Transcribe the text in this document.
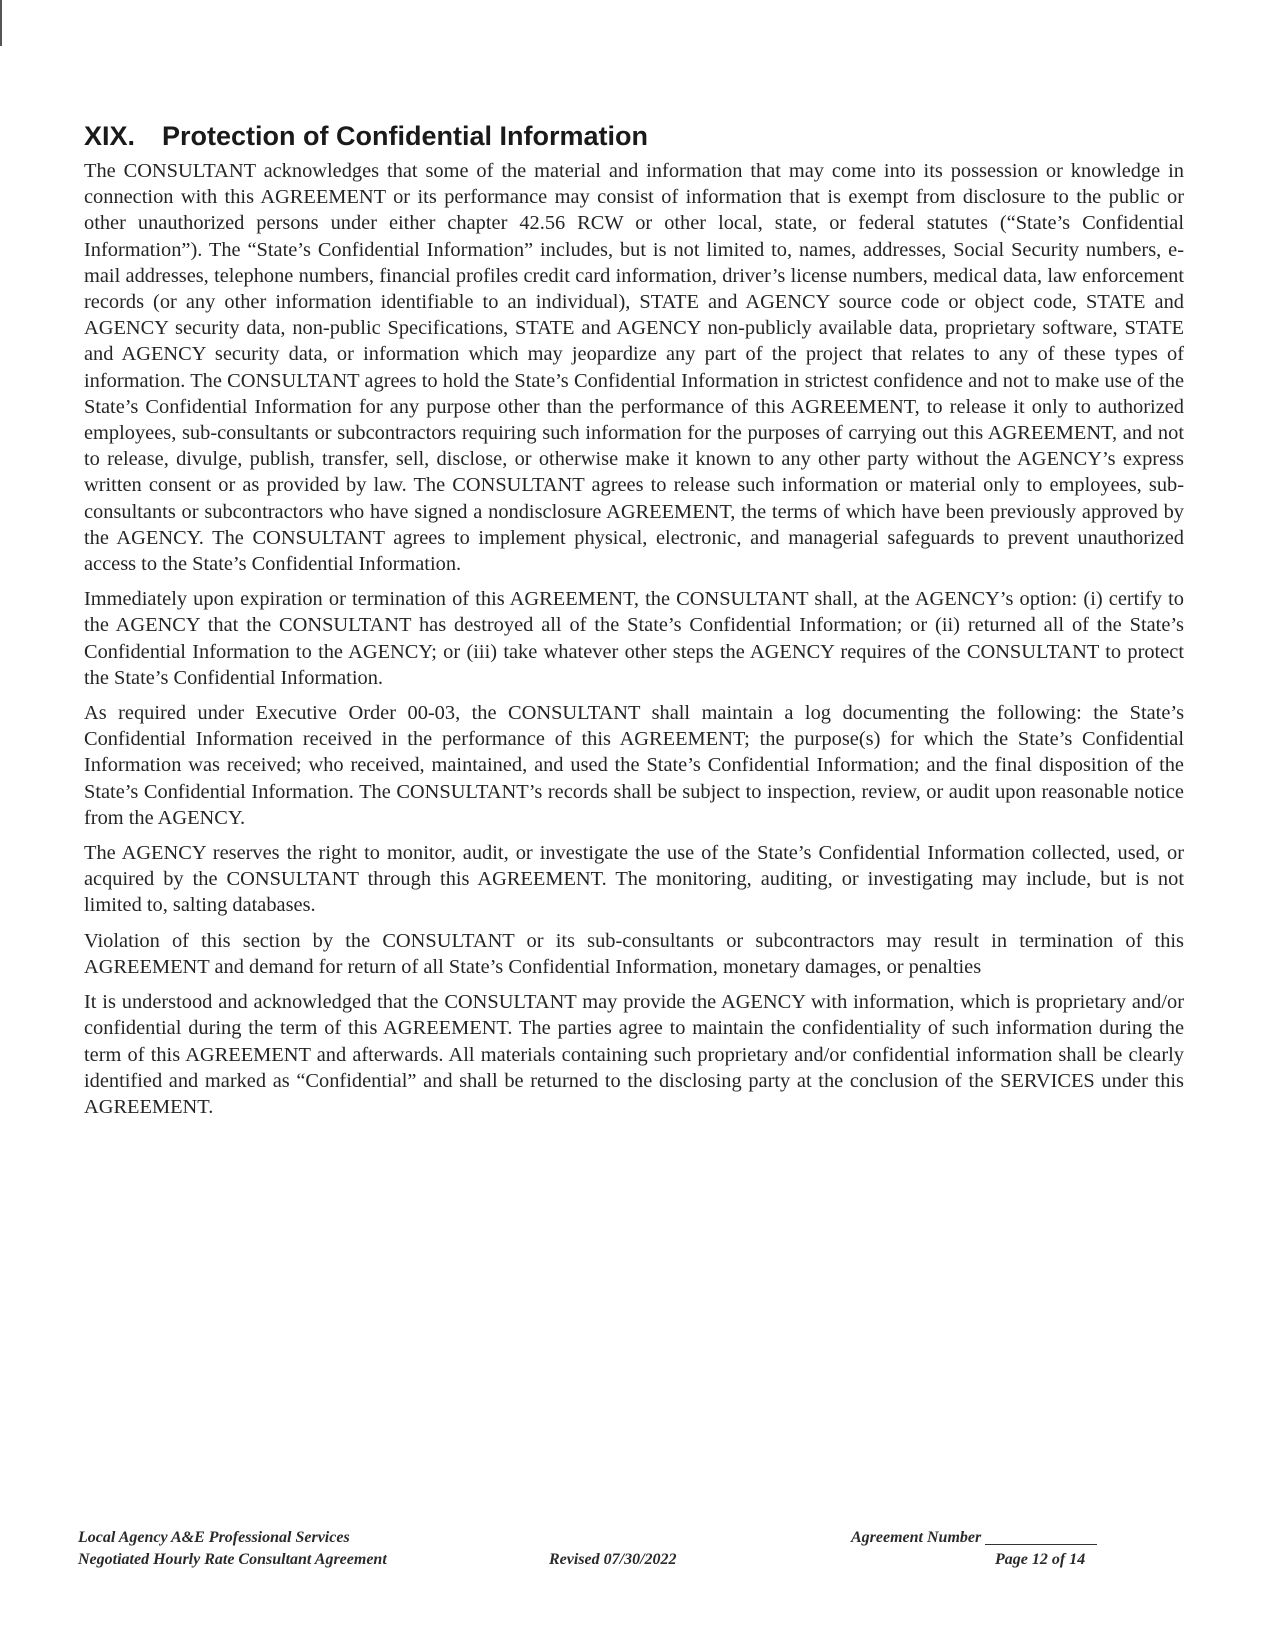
XIX. Protection of Confidential Information

The CONSULTANT acknowledges that some of the material and information that may come into its possession or knowledge in connection with this AGREEMENT or its performance may consist of information that is exempt from disclosure to the public or other unauthorized persons under either chapter 42.56 RCW or other local, state, or federal statutes (“State’s Confidential Information”). The “State’s Confidential Information” includes, but is not limited to, names, addresses, Social Security numbers, e-mail addresses, telephone numbers, financial profiles credit card information, driver’s license numbers, medical data, law enforcement records (or any other information identifiable to an individual), STATE and AGENCY source code or object code, STATE and AGENCY security data, non-public Specifications, STATE and AGENCY non-publicly available data, proprietary software, STATE and AGENCY security data, or information which may jeopardize any part of the project that relates to any of these types of information. The CONSULTANT agrees to hold the State’s Confidential Information in strictest confidence and not to make use of the State’s Confidential Information for any purpose other than the performance of this AGREEMENT, to release it only to authorized employees, sub-consultants or subcontractors requiring such information for the purposes of carrying out this AGREEMENT, and not to release, divulge, publish, transfer, sell, disclose, or otherwise make it known to any other party without the AGENCY’s express written consent or as provided by law. The CONSULTANT agrees to release such information or material only to employees, sub-consultants or subcontractors who have signed a nondisclosure AGREEMENT, the terms of which have been previously approved by the AGENCY. The CONSULTANT agrees to implement physical, electronic, and managerial safeguards to prevent unauthorized access to the State’s Confidential Information.

Immediately upon expiration or termination of this AGREEMENT, the CONSULTANT shall, at the AGENCY’s option: (i) certify to the AGENCY that the CONSULTANT has destroyed all of the State’s Confidential Information; or (ii) returned all of the State’s Confidential Information to the AGENCY; or (iii) take whatever other steps the AGENCY requires of the CONSULTANT to protect the State’s Confidential Information.

As required under Executive Order 00-03, the CONSULTANT shall maintain a log documenting the following: the State’s Confidential Information received in the performance of this AGREEMENT; the purpose(s) for which the State’s Confidential Information was received; who received, maintained, and used the State’s Confidential Information; and the final disposition of the State’s Confidential Information. The CONSULTANT’s records shall be subject to inspection, review, or audit upon reasonable notice from the AGENCY.

The AGENCY reserves the right to monitor, audit, or investigate the use of the State’s Confidential Information collected, used, or acquired by the CONSULTANT through this AGREEMENT. The monitoring, auditing, or investigating may include, but is not limited to, salting databases.

Violation of this section by the CONSULTANT or its sub-consultants or subcontractors may result in termination of this AGREEMENT and demand for return of all State’s Confidential Information, monetary damages, or penalties

It is understood and acknowledged that the CONSULTANT may provide the AGENCY with information, which is proprietary and/or confidential during the term of this AGREEMENT. The parties agree to maintain the confidentiality of such information during the term of this AGREEMENT and afterwards. All materials containing such proprietary and/or confidential information shall be clearly identified and marked as “Confidential” and shall be returned to the disclosing party at the conclusion of the SERVICES under this AGREEMENT.

Local Agency A&E Professional Services
Negotiated Hourly Rate Consultant Agreement	Revised 07/30/2022
Agreement Number
Page 12 of 14
